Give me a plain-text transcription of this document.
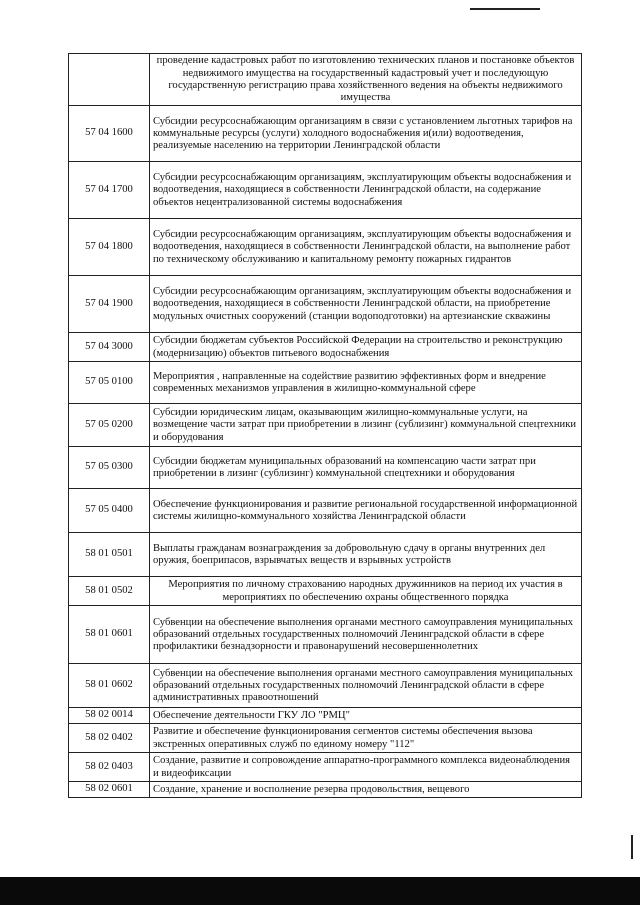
	проведение кадастровых работ по изготовлению технических планов и постановке объектов недвижимого имущества на государственный кадастровый учет и последующую государственную регистрацию права хозяйственного ведения на объекты недвижимого имущества
57 04 1600	Субсидии ресурсоснабжающим организациям в связи с установлением льготных тарифов на коммунальные ресурсы (услуги) холодного водоснабжения и(или) водоотведения, реализуемые населению на территории Ленинградской области
57 04 1700	Субсидии ресурсоснабжающим организациям, эксплуатирующим объекты водоснабжения и водоотведения, находящиеся в собственности Ленинградской области, на содержание объектов нецентрализованной системы водоснабжения
57 04 1800	Субсидии ресурсоснабжающим организациям, эксплуатирующим объекты водоснабжения и водоотведения, находящиеся в собственности Ленинградской области, на выполнение работ по техническому обслуживанию и капитальному ремонту пожарных гидрантов
57 04 1900	Субсидии ресурсоснабжающим организациям, эксплуатирующим объекты водоснабжения и водоотведения, находящиеся в собственности Ленинградской области, на приобретение модульных очистных сооружений (станции водоподготовки) на артезианские скважины
57 04 3000	Субсидии бюджетам субъектов Российской Федерации на строительство и реконструкцию (модернизацию) объектов питьевого водоснабжения
57 05 0100	Мероприятия , направленные на содействие развитию эффективных форм и внедрение современных механизмов управления в жилищно-коммунальной сфере
57 05 0200	Субсидии юридическим лицам, оказывающим жилищно-коммунальные услуги, на возмещение части затрат при приобретении в лизинг (сублизинг) коммунальной спецтехники и оборудования
57 05 0300	Субсидии бюджетам муниципальных образований на компенсацию части затрат при приобретении в лизинг (сублизинг) коммунальной спецтехники и оборудования
57 05 0400	Обеспечение функционирования и развитие региональной государственной информационной системы жилищно-коммунального хозяйства Ленинградской области
58 01 0501	Выплаты гражданам вознаграждения за добровольную сдачу в органы внутренних дел оружия, боеприпасов, взрывчатых веществ и взрывных устройств
58 01 0502	Мероприятия по личному страхованию народных дружинников на период их участия в мероприятиях по обеспечению охраны общественного порядка
58 01 0601	Субвенции на обеспечение выполнения органами местного самоуправления муниципальных образований отдельных государственных полномочий Ленинградской области в сфере профилактики безнадзорности и правонарушений несовершеннолетних
58 01 0602	Субвенции на обеспечение выполнения органами местного самоуправления муниципальных образований отдельных государственных полномочий Ленинградской области в сфере административных правоотношений
58 02 0014	Обеспечение деятельности ГКУ ЛО "РМЦ"
58 02 0402	Развитие и обеспечение функционирования сегментов системы обеспечения вызова экстренных оперативных служб по единому номеру "112"
58 02 0403	Создание, развитие и сопровождение аппаратно-программного комплекса видеонаблюдения и видеофиксации
58 02 0601	Создание, хранение и восполнение резерва продовольствия, вещевого
